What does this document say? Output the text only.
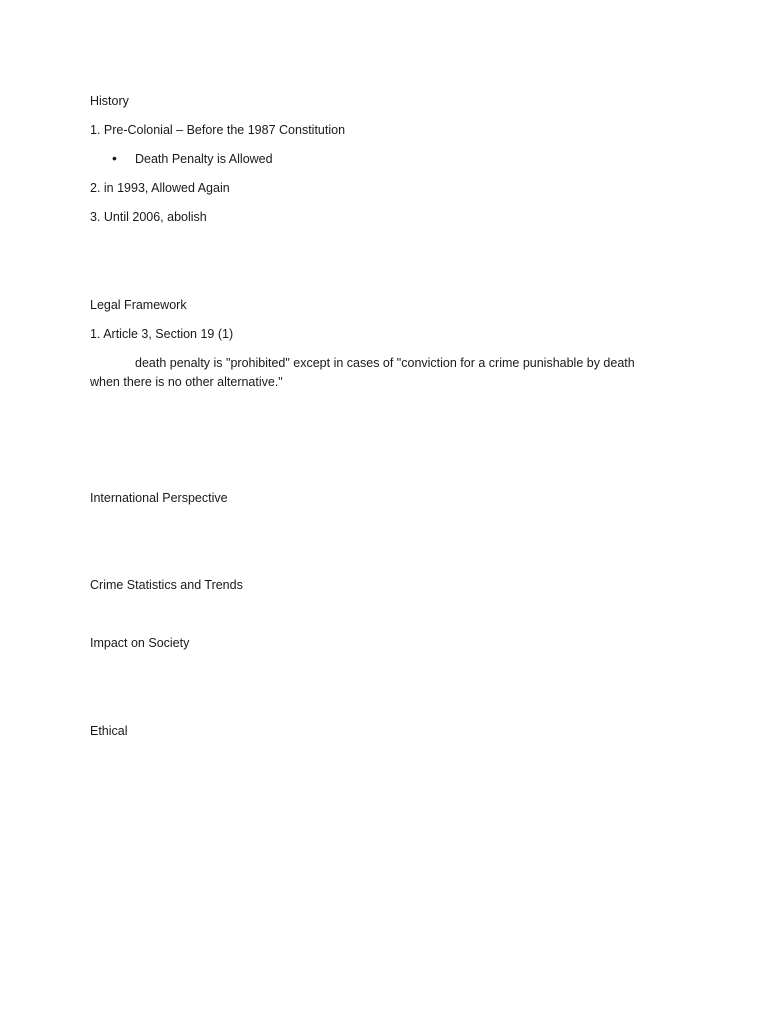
History

1. Pre-Colonial – Before the 1987 Constitution

• Death Penalty is Allowed

2. in 1993, Allowed Again

3. Until 2006, abolish

Legal Framework

1. Article 3, Section 19 (1)

death penalty is "prohibited" except in cases of "conviction for a crime punishable by death

when there is no other alternative."

International Perspective

Crime Statistics and Trends

Impact on Society

Ethical
